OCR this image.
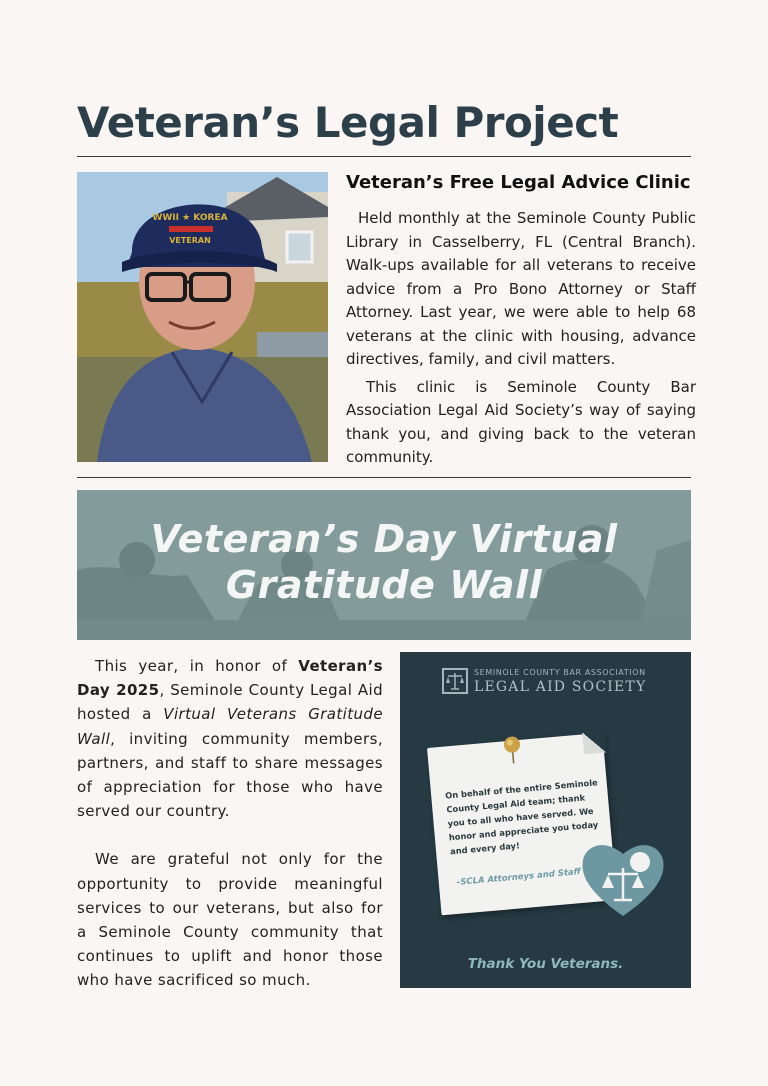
Veteran’s Legal Project
WWII ★ KOREA
VETERAN
Veteran’s Free Legal Advice Clinic

Held monthly at the Seminole County Public Library in Casselberry, FL (Central Branch). Walk-ups available for all veterans to receive advice from a Pro Bono Attorney or Staff Attorney. Last year, we were able to help 68 veterans at the clinic with housing, advance directives, family, and civil matters.

This clinic is Seminole County Bar Association Legal Aid Society’s way of saying thank you, and giving back to the veteran community.

Veteran’s Day Virtual
Gratitude Wall

This year, in honor of Veteran’s Day 2025, Seminole County Legal Aid hosted a Virtual Veterans Gratitude Wall, inviting community members, partners, and staff to share messages of appreciation for those who have served our country.

We are grateful not only for the opportunity to provide meaningful services to our veterans, but also for a Seminole County community that continues to uplift and honor those who have sacrificed so much.

SEMINOLE COUNTY BAR ASSOCIATION
LEGAL AID SOCIETY
On behalf of the entire Seminole County Legal Aid team; thank you to all who have served. We honor and appreciate you today and every day!
-SCLA Attorneys and Staff
Thank You Veterans.
